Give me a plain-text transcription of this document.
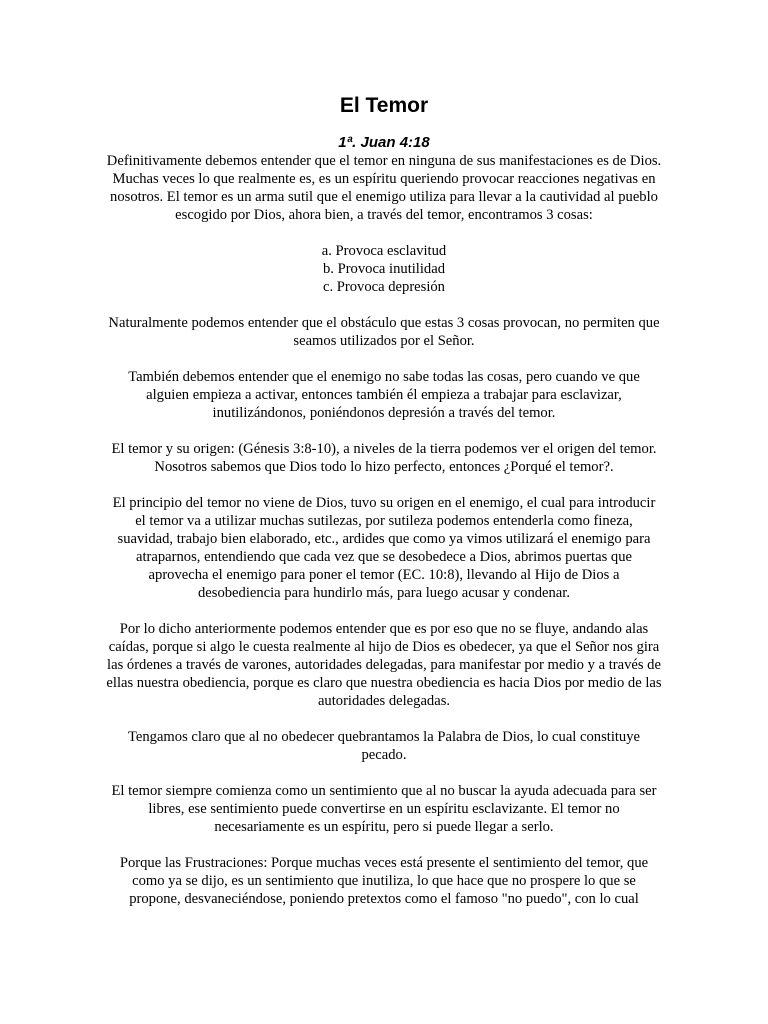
El Temor

1ª. Juan 4:18

Definitivamente debemos entender que el temor en ninguna de sus manifestaciones es de Dios. Muchas veces lo que realmente es, es un espíritu queriendo provocar reacciones negativas en nosotros. El temor es un arma sutil que el enemigo utiliza para llevar a la cautividad al pueblo escogido por Dios, ahora bien, a través del temor, encontramos 3 cosas:

a. Provoca esclavitud
b. Provoca inutilidad
c. Provoca depresión

Naturalmente podemos entender que el obstáculo que estas 3 cosas provocan, no permiten que seamos utilizados por el Señor.

También debemos entender que el enemigo no sabe todas las cosas, pero cuando ve que alguien empieza a activar, entonces también él empieza a trabajar para esclavizar, inutilizándonos, poniéndonos depresión a través del temor.

El temor y su origen: (Génesis 3:8-10), a niveles de la tierra podemos ver el origen del temor. Nosotros sabemos que Dios todo lo hizo perfecto, entonces ¿Porqué el temor?.

El principio del temor no viene de Dios, tuvo su origen en el enemigo, el cual para introducir el temor va a utilizar muchas sutilezas, por sutileza podemos entenderla como fineza, suavidad, trabajo bien elaborado, etc., ardides que como ya vimos utilizará el enemigo para atraparnos, entendiendo que cada vez que se desobedece a Dios, abrimos puertas que aprovecha el enemigo para poner el temor (EC. 10:8), llevando al Hijo de Dios a desobediencia para hundirlo más, para luego acusar y condenar.

Por lo dicho anteriormente podemos entender que es por eso que no se fluye, andando alas caídas, porque si algo le cuesta realmente al hijo de Dios es obedecer, ya que el Señor nos gira las órdenes a través de varones, autoridades delegadas, para manifestar por medio y a través de ellas nuestra obediencia, porque es claro que nuestra obediencia es hacia Dios por medio de las autoridades delegadas.

Tengamos claro que al no obedecer quebrantamos la Palabra de Dios, lo cual constituye pecado.

El temor siempre comienza como un sentimiento que al no buscar la ayuda adecuada para ser libres, ese sentimiento puede convertirse en un espíritu esclavizante. El temor no necesariamente es un espíritu, pero si puede llegar a serlo.

Porque las Frustraciones: Porque muchas veces está presente el sentimiento del temor, que como ya se dijo, es un sentimiento que inutiliza, lo que hace que no prospere lo que se propone, desvaneciéndose, poniendo pretextos como el famoso "no puedo", con lo cual
